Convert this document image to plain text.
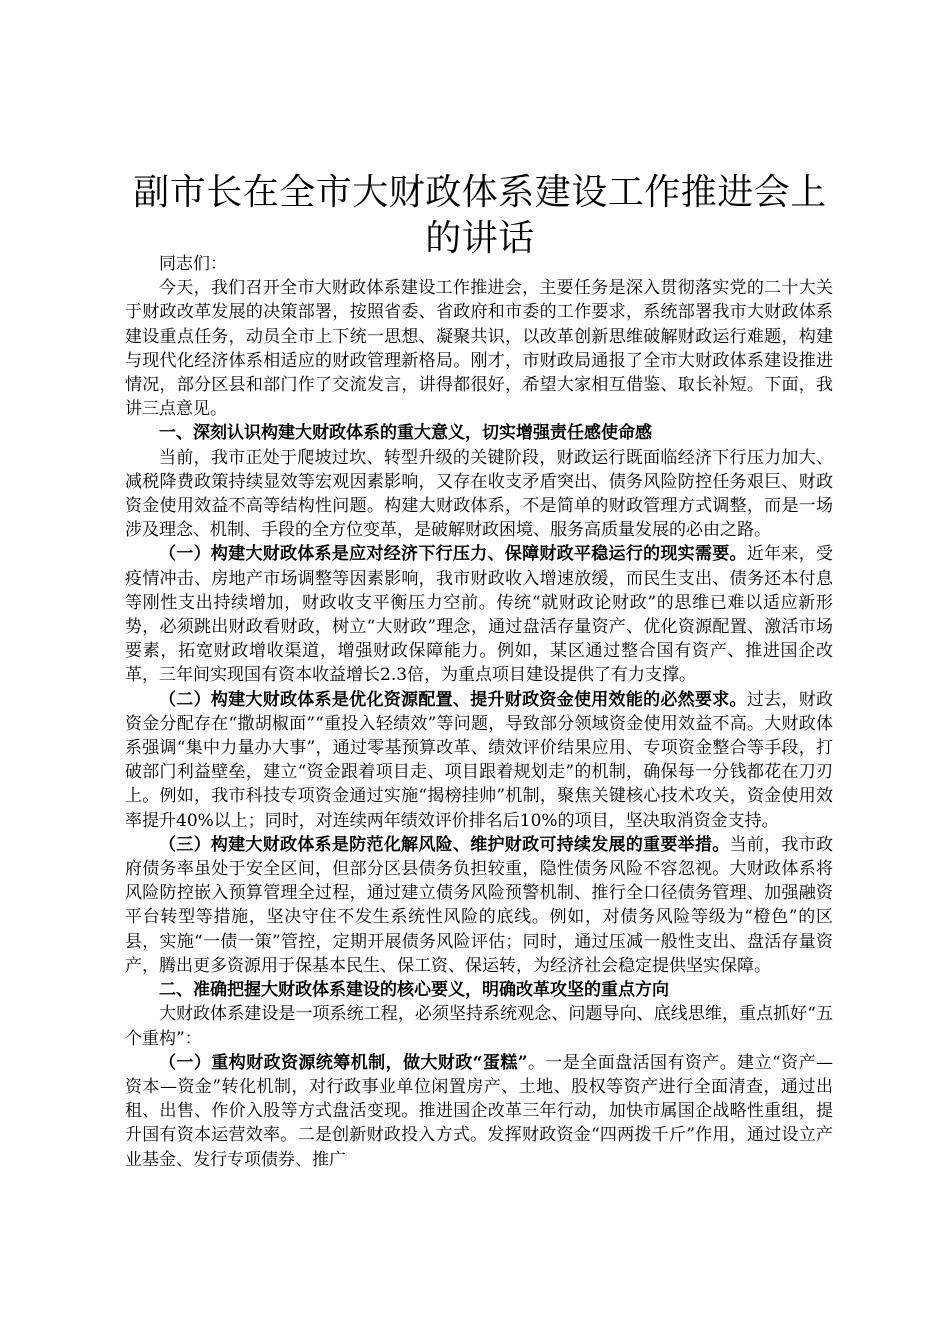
副市长在全市大财政体系建设工作推进会上的讲话

同志们：

今天，我们召开全市大财政体系建设工作推进会，主要任务是深入贯彻落实党的二十大关于财政改革发展的决策部署，按照省委、省政府和市委的工作要求，系统部署我市大财政体系建设重点任务，动员全市上下统一思想、凝聚共识，以改革创新思维破解财政运行难题，构建与现代化经济体系相适应的财政管理新格局。刚才，市财政局通报了全市大财政体系建设推进情况，部分区县和部门作了交流发言，讲得都很好，希望大家相互借鉴、取长补短。下面，我讲三点意见。

一、深刻认识构建大财政体系的重大意义，切实增强责任感使命感

当前，我市正处于爬坡过坎、转型升级的关键阶段，财政运行既面临经济下行压力加大、减税降费政策持续显效等宏观因素影响，又存在收支矛盾突出、债务风险防控任务艰巨、财政资金使用效益不高等结构性问题。构建大财政体系，不是简单的财政管理方式调整，而是一场涉及理念、机制、手段的全方位变革，是破解财政困境、服务高质量发展的必由之路。

（一）构建大财政体系是应对经济下行压力、保障财政平稳运行的现实需要。近年来，受疫情冲击、房地产市场调整等因素影响，我市财政收入增速放缓，而民生支出、债务还本付息等刚性支出持续增加，财政收支平衡压力空前。传统“就财政论财政”的思维已难以适应新形势，必须跳出财政看财政，树立“大财政”理念，通过盘活存量资产、优化资源配置、激活市场要素，拓宽财政增收渠道，增强财政保障能力。例如，某区通过整合国有资产、推进国企改革，三年间实现国有资本收益增长2.3倍，为重点项目建设提供了有力支撑。

（二）构建大财政体系是优化资源配置、提升财政资金使用效能的必然要求。过去，财政资金分配存在“撒胡椒面”“重投入轻绩效”等问题，导致部分领域资金使用效益不高。大财政体系强调“集中力量办大事”，通过零基预算改革、绩效评价结果应用、专项资金整合等手段，打破部门利益壁垒，建立“资金跟着项目走、项目跟着规划走”的机制，确保每一分钱都花在刀刃上。例如，我市科技专项资金通过实施“揭榜挂帅”机制，聚焦关键核心技术攻关，资金使用效率提升40%以上；同时，对连续两年绩效评价排名后10%的项目，坚决取消资金支持。

（三）构建大财政体系是防范化解风险、维护财政可持续发展的重要举措。当前，我市政府债务率虽处于安全区间，但部分区县债务负担较重，隐性债务风险不容忽视。大财政体系将风险防控嵌入预算管理全过程，通过建立债务风险预警机制、推行全口径债务管理、加强融资平台转型等措施，坚决守住不发生系统性风险的底线。例如，对债务风险等级为“橙色”的区县，实施“一债一策”管控，定期开展债务风险评估；同时，通过压减一般性支出、盘活存量资产，腾出更多资源用于保基本民生、保工资、保运转，为经济社会稳定提供坚实保障。

二、准确把握大财政体系建设的核心要义，明确改革攻坚的重点方向

大财政体系建设是一项系统工程，必须坚持系统观念、问题导向、底线思维，重点抓好“五个重构”：

（一）重构财政资源统筹机制，做大财政“蛋糕”。一是全面盘活国有资产。建立“资产—资本—资金”转化机制，对行政事业单位闲置房产、土地、股权等资产进行全面清查，通过出租、出售、作价入股等方式盘活变现。推进国企改革三年行动，加快市属国企战略性重组，提升国有资本运营效率。二是创新财政投入方式。发挥财政资金“四两拨千斤”作用，通过设立产业基金、发行专项债券、推广
